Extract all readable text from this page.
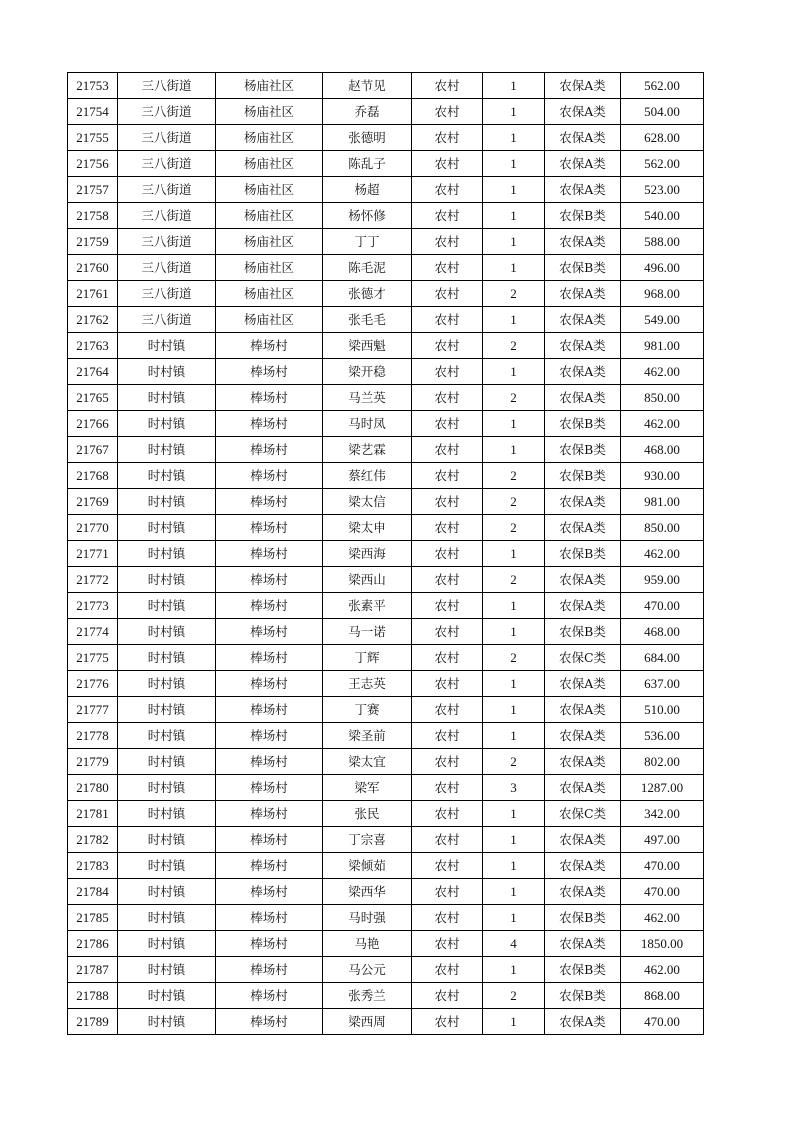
21753	三八街道	杨庙社区	赵节见	农村	1	农保A类	562.00
21754	三八街道	杨庙社区	乔磊	农村	1	农保A类	504.00
21755	三八街道	杨庙社区	张德明	农村	1	农保A类	628.00
21756	三八街道	杨庙社区	陈乱子	农村	1	农保A类	562.00
21757	三八街道	杨庙社区	杨超	农村	1	农保A类	523.00
21758	三八街道	杨庙社区	杨怀修	农村	1	农保B类	540.00
21759	三八街道	杨庙社区	丁丁	农村	1	农保A类	588.00
21760	三八街道	杨庙社区	陈毛泥	农村	1	农保B类	496.00
21761	三八街道	杨庙社区	张德才	农村	2	农保A类	968.00
21762	三八街道	杨庙社区	张毛毛	农村	1	农保A类	549.00
21763	时村镇	棒场村	梁西魁	农村	2	农保A类	981.00
21764	时村镇	棒场村	梁开稳	农村	1	农保A类	462.00
21765	时村镇	棒场村	马兰英	农村	2	农保A类	850.00
21766	时村镇	棒场村	马时凤	农村	1	农保B类	462.00
21767	时村镇	棒场村	梁艺霖	农村	1	农保B类	468.00
21768	时村镇	棒场村	蔡红伟	农村	2	农保B类	930.00
21769	时村镇	棒场村	梁太信	农村	2	农保A类	981.00
21770	时村镇	棒场村	梁太申	农村	2	农保A类	850.00
21771	时村镇	棒场村	梁西海	农村	1	农保B类	462.00
21772	时村镇	棒场村	梁西山	农村	2	农保A类	959.00
21773	时村镇	棒场村	张素平	农村	1	农保A类	470.00
21774	时村镇	棒场村	马一诺	农村	1	农保B类	468.00
21775	时村镇	棒场村	丁辉	农村	2	农保C类	684.00
21776	时村镇	棒场村	王志英	农村	1	农保A类	637.00
21777	时村镇	棒场村	丁赛	农村	1	农保A类	510.00
21778	时村镇	棒场村	梁圣前	农村	1	农保A类	536.00
21779	时村镇	棒场村	梁太宜	农村	2	农保A类	802.00
21780	时村镇	棒场村	梁军	农村	3	农保A类	1287.00
21781	时村镇	棒场村	张民	农村	1	农保C类	342.00
21782	时村镇	棒场村	丁宗喜	农村	1	农保A类	497.00
21783	时村镇	棒场村	梁倾茹	农村	1	农保A类	470.00
21784	时村镇	棒场村	梁西华	农村	1	农保A类	470.00
21785	时村镇	棒场村	马时强	农村	1	农保B类	462.00
21786	时村镇	棒场村	马艳	农村	4	农保A类	1850.00
21787	时村镇	棒场村	马公元	农村	1	农保B类	462.00
21788	时村镇	棒场村	张秀兰	农村	2	农保B类	868.00
21789	时村镇	棒场村	梁西周	农村	1	农保A类	470.00
